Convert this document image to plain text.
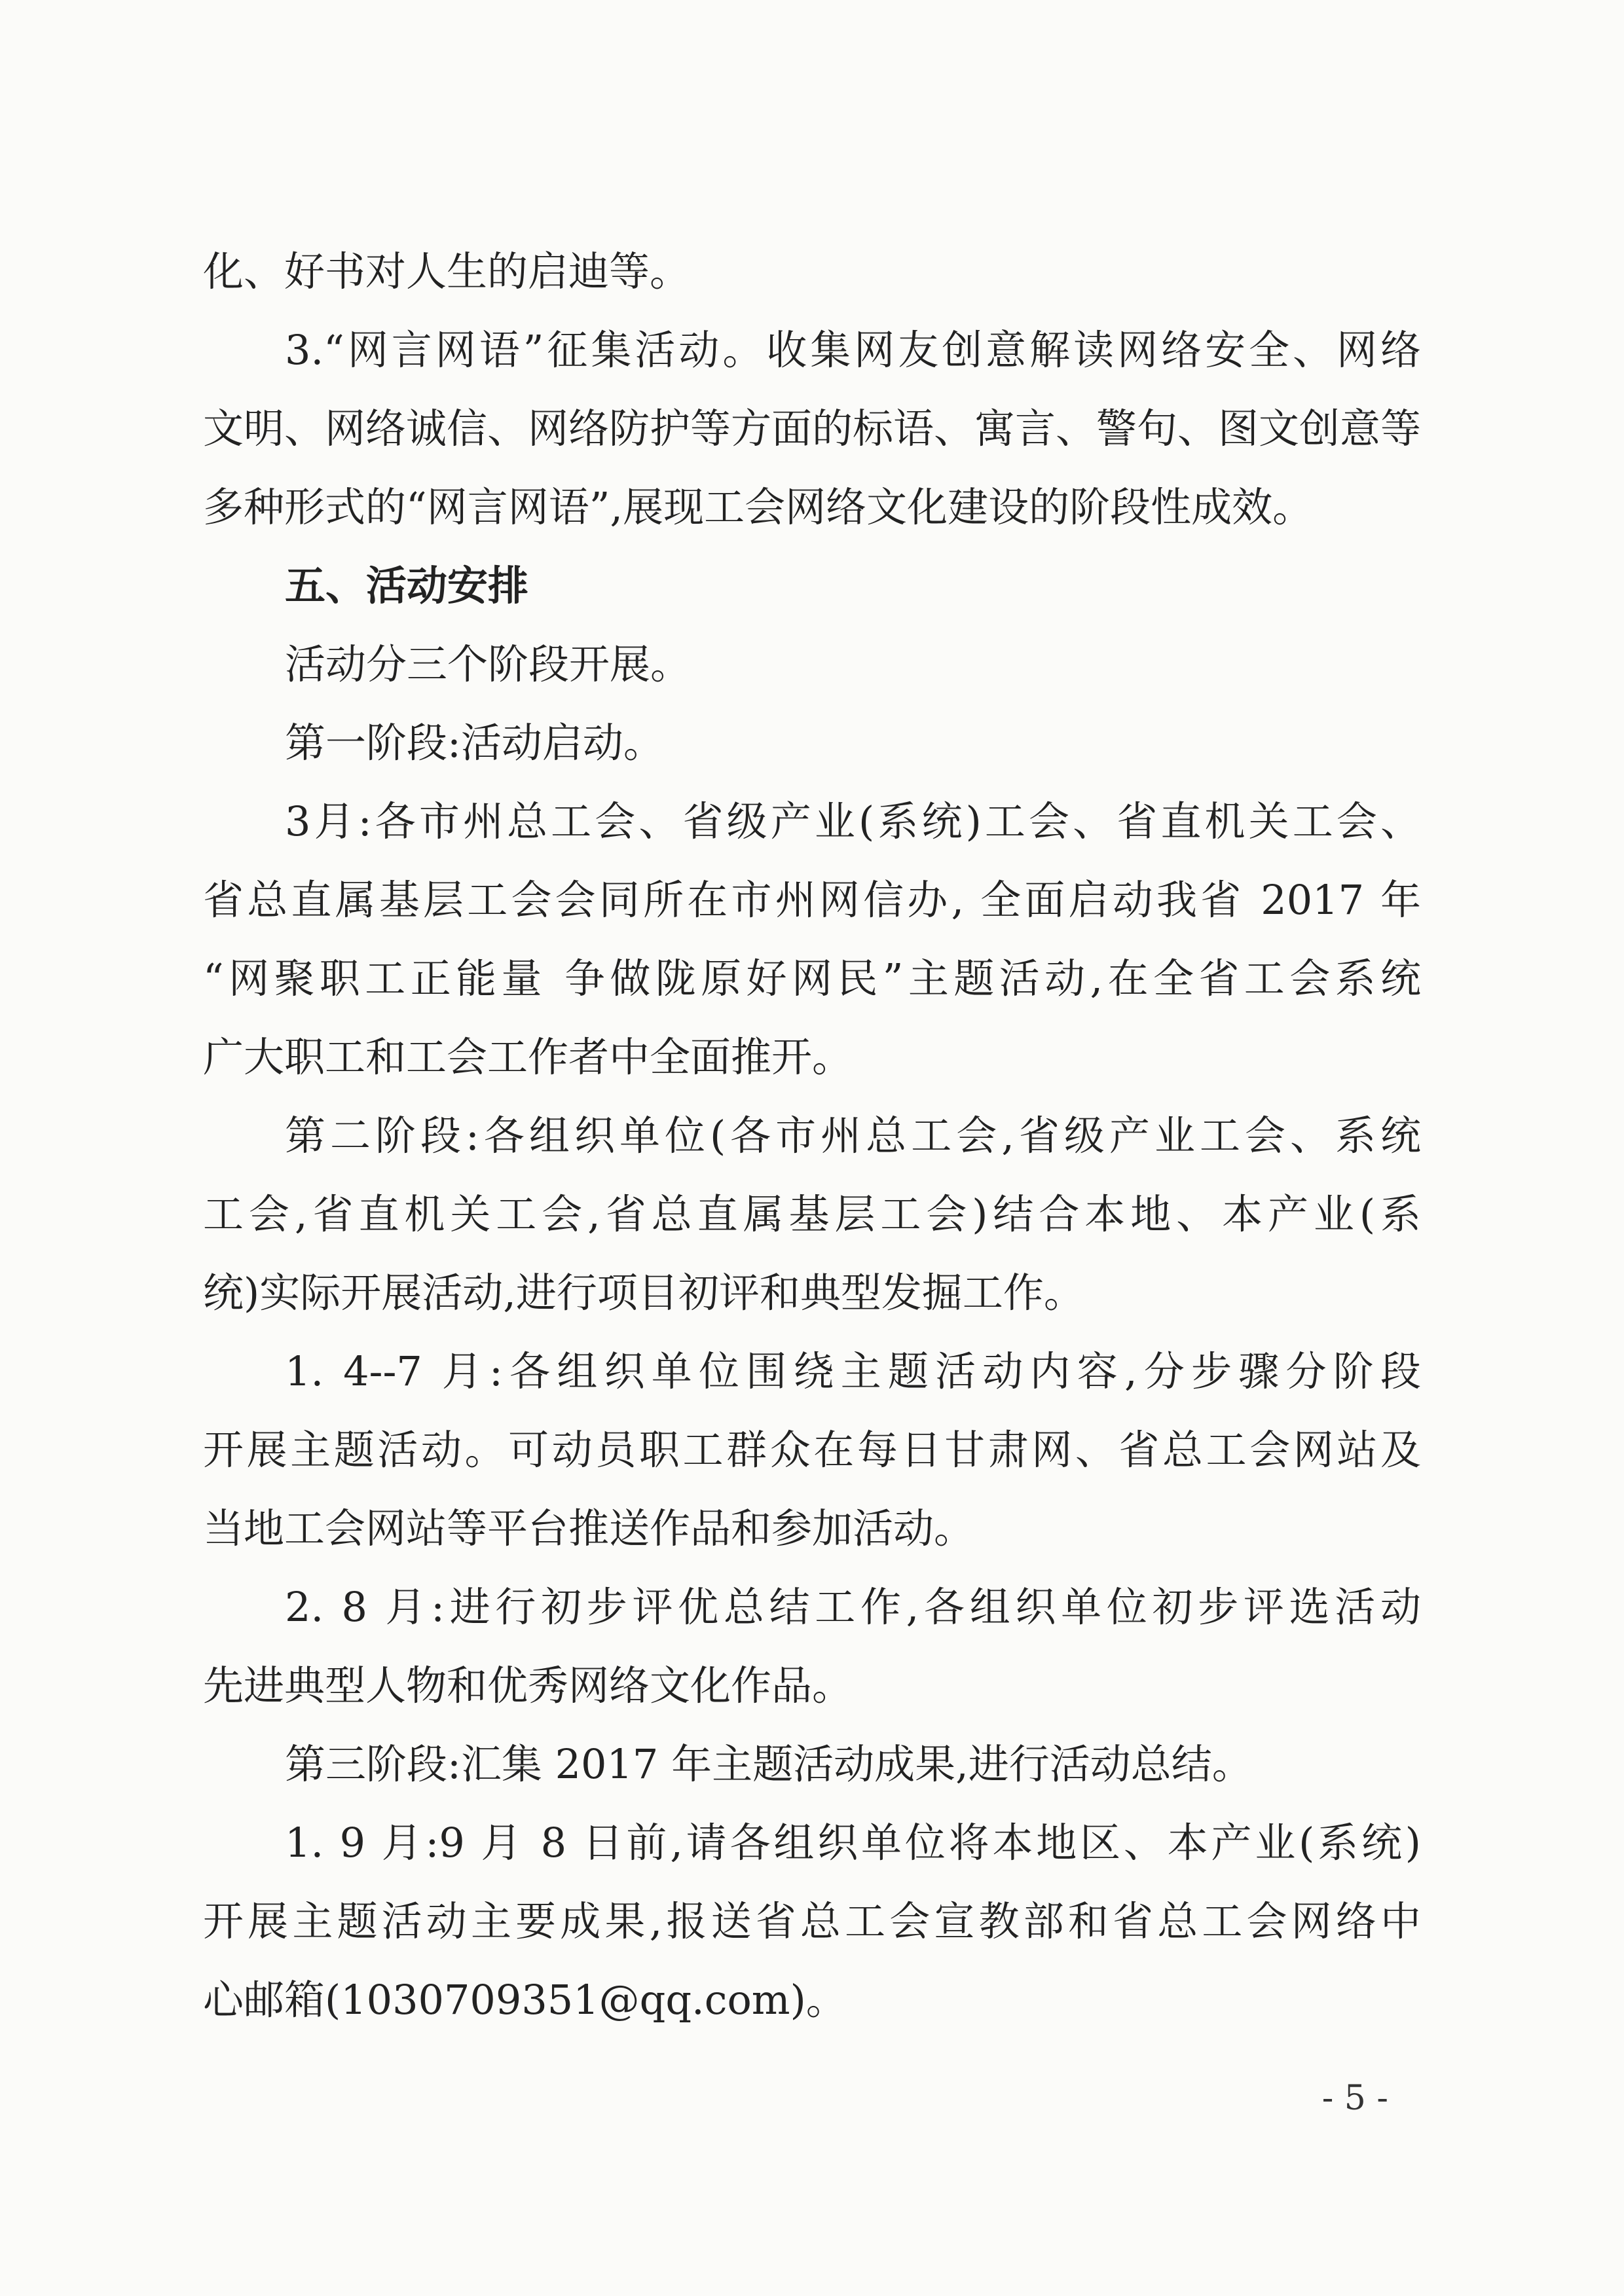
化、好书对人生的启迪等。
3.“网言网语”征集活动。收集网友创意解读网络安全、网络
文明、网络诚信、网络防护等方面的标语、寓言、警句、图文创意等
多种形式的“网言网语”,展现工会网络文化建设的阶段性成效。
五、活动安排
活动分三个阶段开展。
第一阶段:活动启动。
3月:各市州总工会、省级产业(系统)工会、省直机关工会、
省总直属基层工会会同所在市州网信办, 全面启动我省 2017 年
“网聚职工正能量 争做陇原好网民”主题活动,在全省工会系统
广大职工和工会工作者中全面推开。
第二阶段:各组织单位(各市州总工会,省级产业工会、系统
工会,省直机关工会,省总直属基层工会)结合本地、本产业(系
统)实际开展活动,进行项目初评和典型发掘工作。
1. 4--7 月:各组织单位围绕主题活动内容,分步骤分阶段
开展主题活动。可动员职工群众在每日甘肃网、省总工会网站及
当地工会网站等平台推送作品和参加活动。
2. 8 月:进行初步评优总结工作,各组织单位初步评选活动
先进典型人物和优秀网络文化作品。
第三阶段:汇集 2017 年主题活动成果,进行活动总结。
1. 9 月:9 月 8 日前,请各组织单位将本地区、本产业(系统)
开展主题活动主要成果,报送省总工会宣教部和省总工会网络中
心邮箱(1030709351@qq.com)。
- 5 -
